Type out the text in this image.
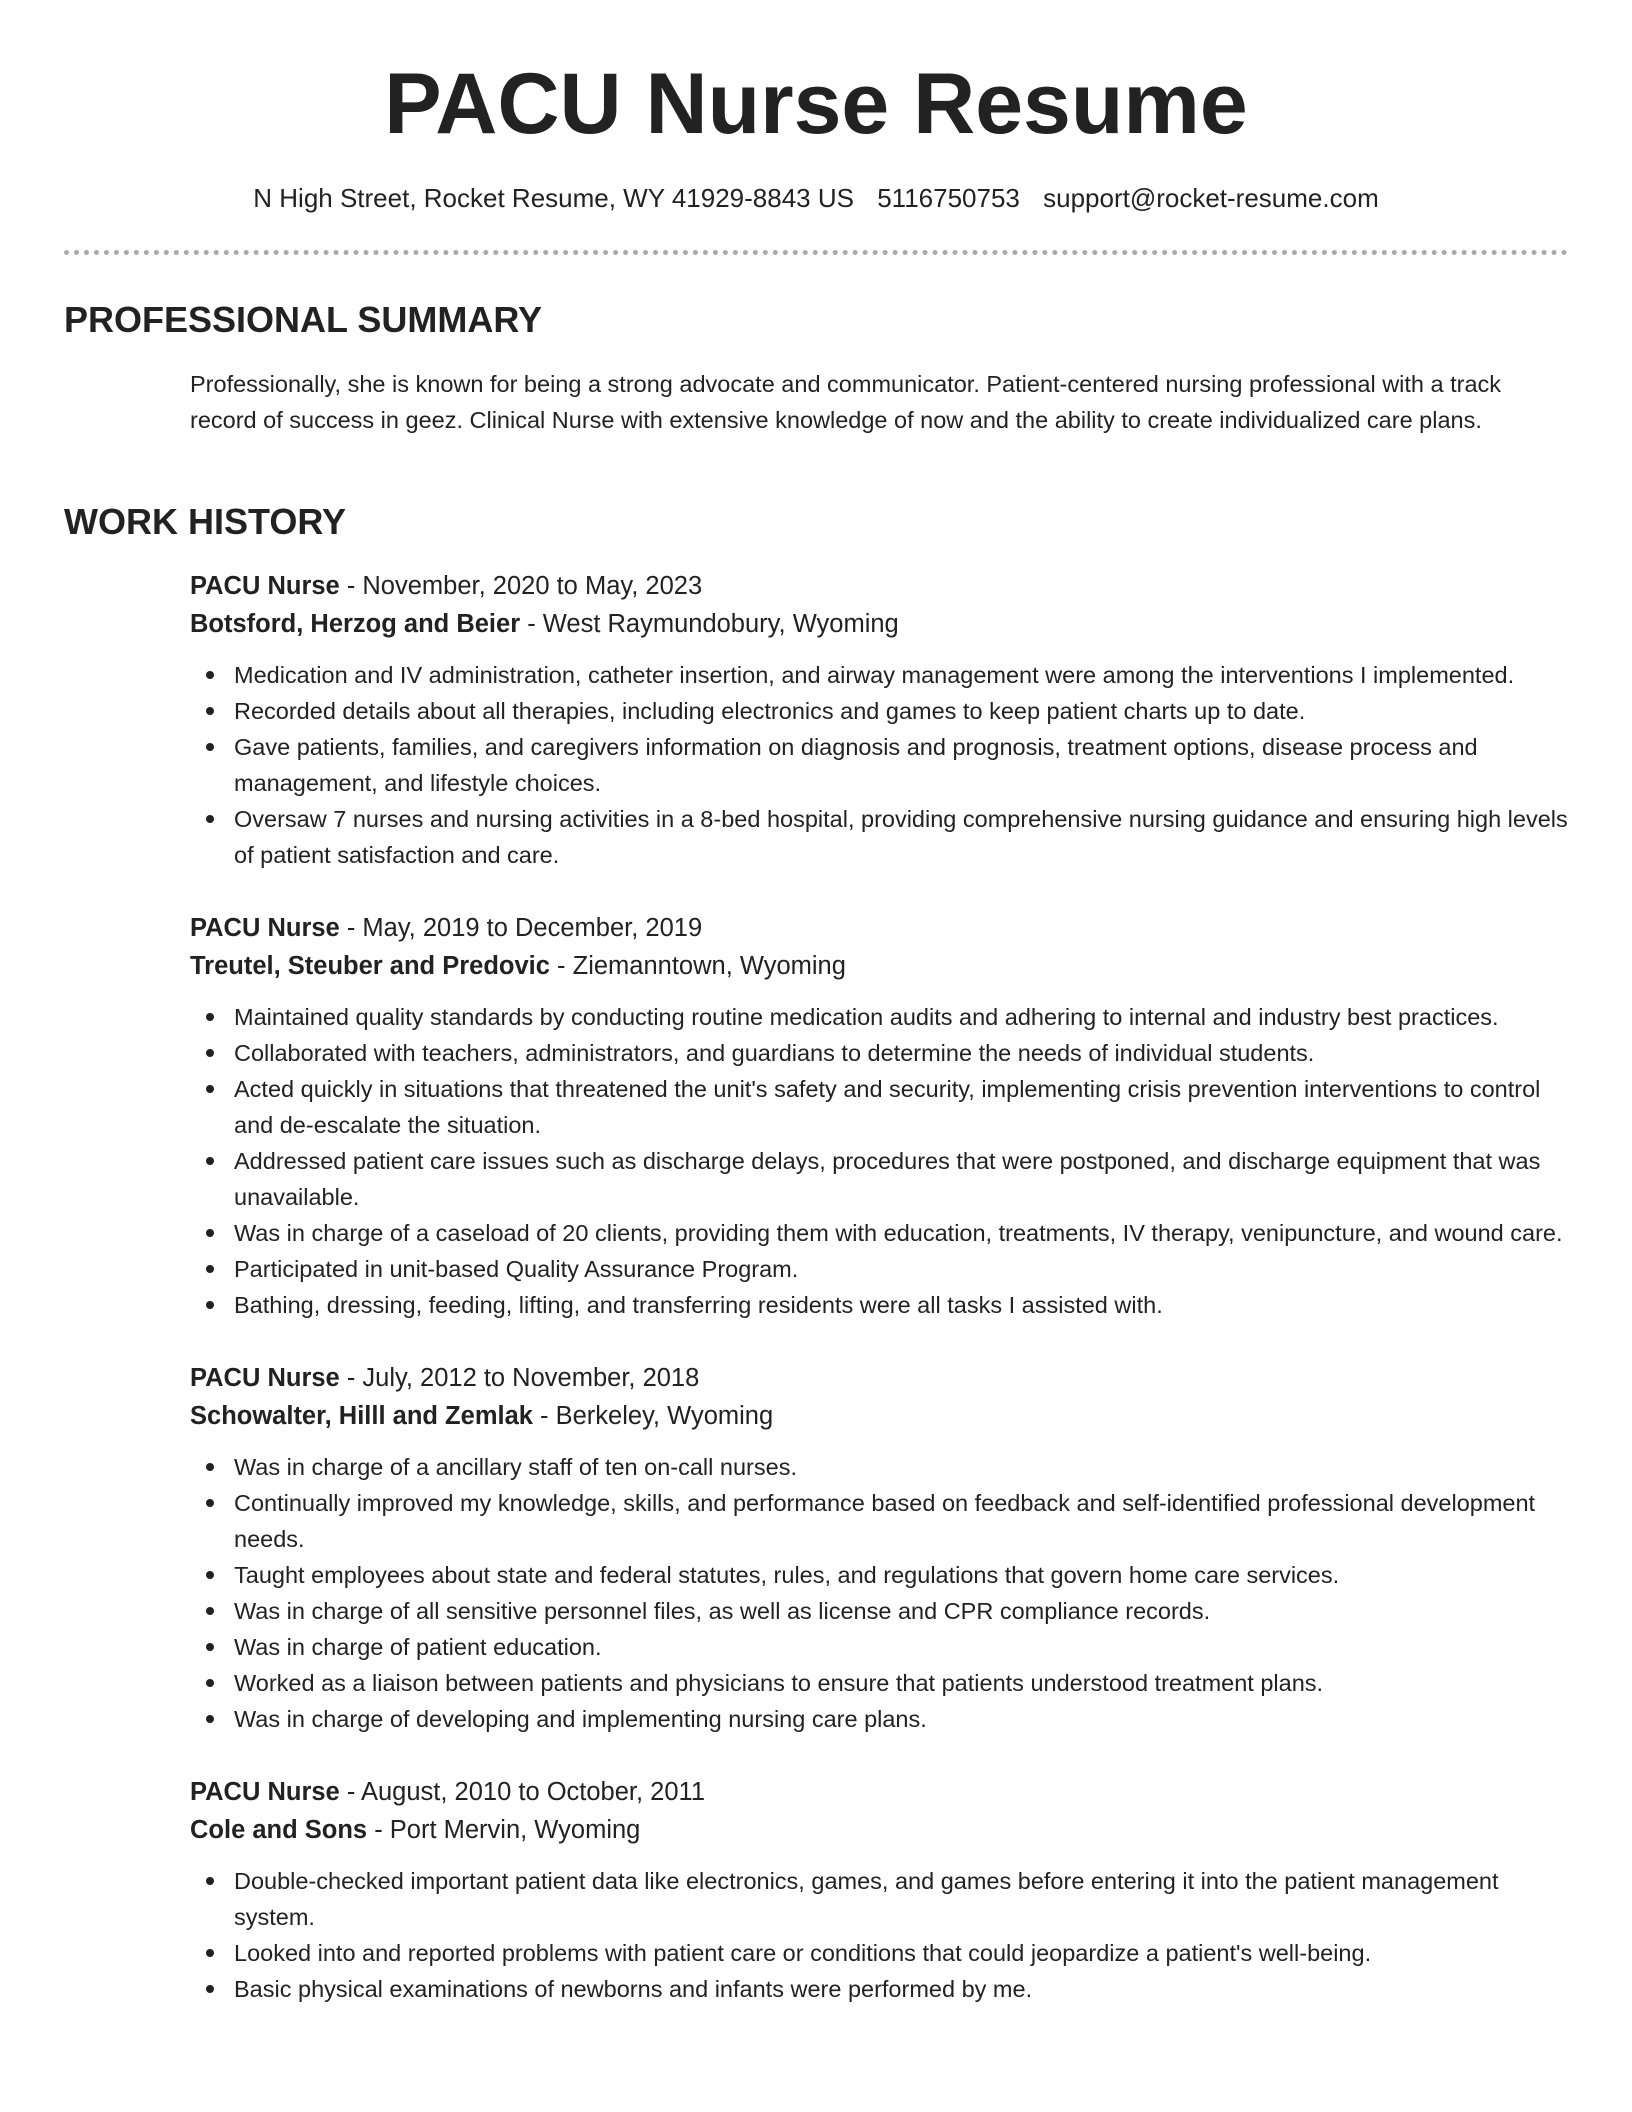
PACU Nurse Resume
N High Street, Rocket Resume, WY 41929-8843 US 5116750753 support@rocket-resume.com
PROFESSIONAL SUMMARY
Professionally, she is known for being a strong advocate and communicator. Patient-centered nursing professional with a track record of success in geez. Clinical Nurse with extensive knowledge of now and the ability to create individualized care plans.
WORK HISTORY
PACU Nurse - November, 2020 to May, 2023
Botsford, Herzog and Beier - West Raymundobury, Wyoming
Medication and IV administration, catheter insertion, and airway management were among the interventions I implemented.
Recorded details about all therapies, including electronics and games to keep patient charts up to date.
Gave patients, families, and caregivers information on diagnosis and prognosis, treatment options, disease process and management, and lifestyle choices.
Oversaw 7 nurses and nursing activities in a 8-bed hospital, providing comprehensive nursing guidance and ensuring high levels of patient satisfaction and care.
PACU Nurse - May, 2019 to December, 2019
Treutel, Steuber and Predovic - Ziemanntown, Wyoming
Maintained quality standards by conducting routine medication audits and adhering to internal and industry best practices.
Collaborated with teachers, administrators, and guardians to determine the needs of individual students.
Acted quickly in situations that threatened the unit's safety and security, implementing crisis prevention interventions to control and de-escalate the situation.
Addressed patient care issues such as discharge delays, procedures that were postponed, and discharge equipment that was unavailable.
Was in charge of a caseload of 20 clients, providing them with education, treatments, IV therapy, venipuncture, and wound care.
Participated in unit-based Quality Assurance Program.
Bathing, dressing, feeding, lifting, and transferring residents were all tasks I assisted with.
PACU Nurse - July, 2012 to November, 2018
Schowalter, Hilll and Zemlak - Berkeley, Wyoming
Was in charge of a ancillary staff of ten on-call nurses.
Continually improved my knowledge, skills, and performance based on feedback and self-identified professional development needs.
Taught employees about state and federal statutes, rules, and regulations that govern home care services.
Was in charge of all sensitive personnel files, as well as license and CPR compliance records.
Was in charge of patient education.
Worked as a liaison between patients and physicians to ensure that patients understood treatment plans.
Was in charge of developing and implementing nursing care plans.
PACU Nurse - August, 2010 to October, 2011
Cole and Sons - Port Mervin, Wyoming
Double-checked important patient data like electronics, games, and games before entering it into the patient management system.
Looked into and reported problems with patient care or conditions that could jeopardize a patient's well-being.
Basic physical examinations of newborns and infants were performed by me.
